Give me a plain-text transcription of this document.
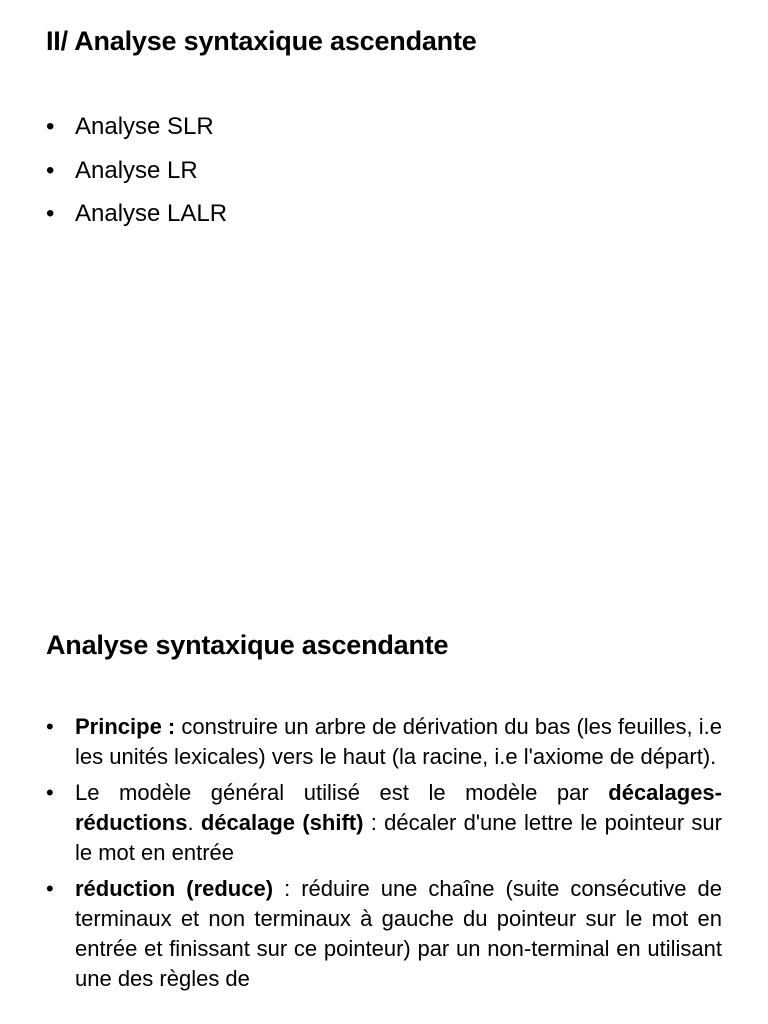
II/ Analyse syntaxique ascendante
• Analyse SLR
• Analyse LR
• Analyse LALR
Analyse syntaxique ascendante
• Principe : construire un arbre de dérivation du bas (les feuilles, i.e les unités lexicales) vers le haut (la racine, i.e l'axiome de départ).
• Le modèle général utilisé est le modèle par décalages-réductions. décalage (shift) : décaler d'une lettre le pointeur sur le mot en entrée
• réduction (reduce) : réduire une chaîne (suite consécutive de terminaux et non terminaux à gauche du pointeur sur le mot en entrée et finissant sur ce pointeur) par un non-terminal en utilisant une des règles de
